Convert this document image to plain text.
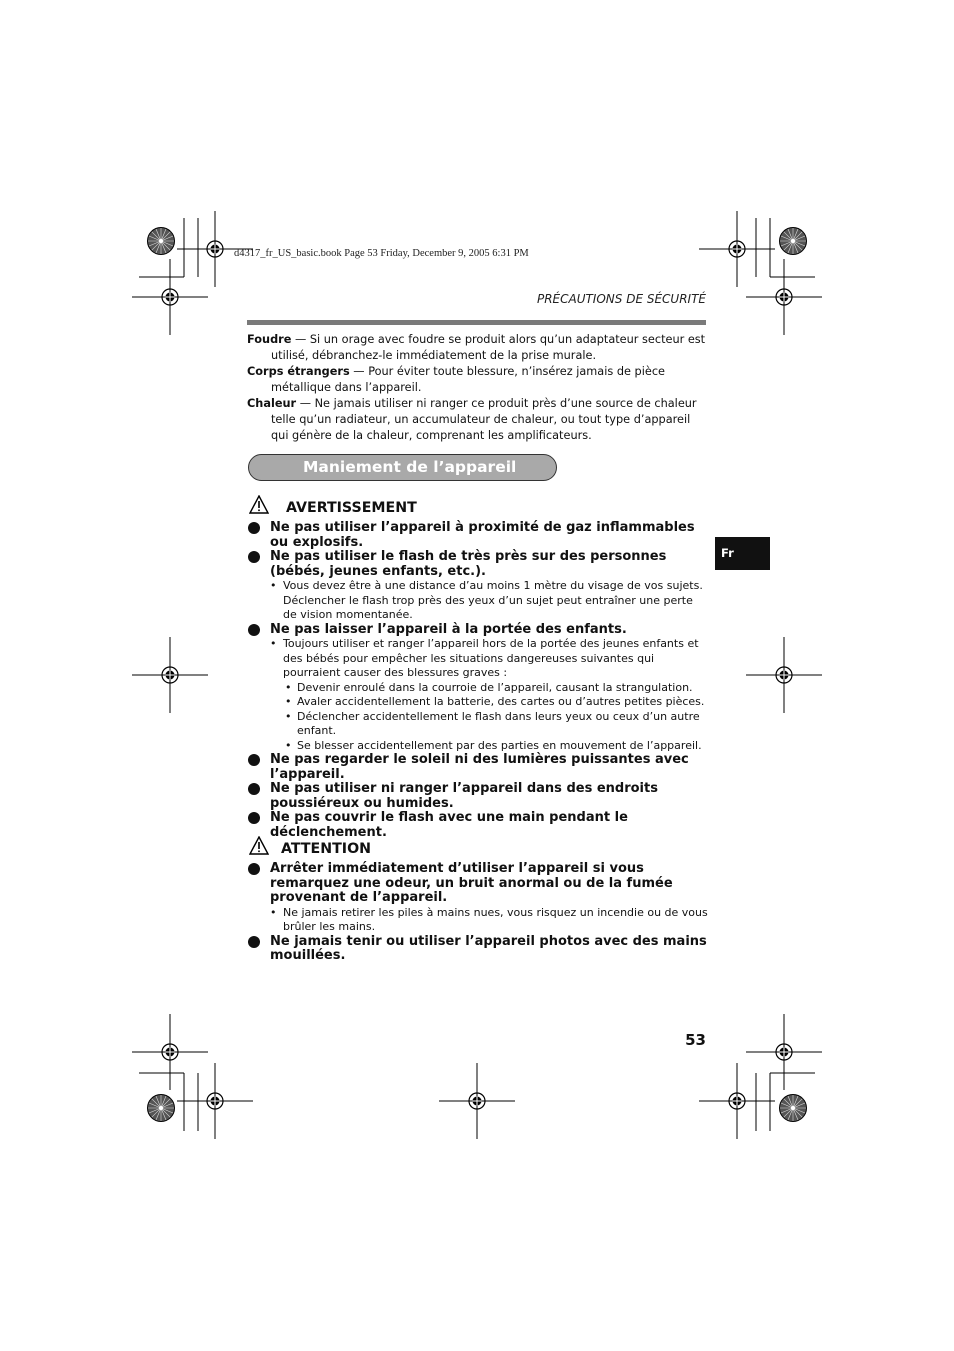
d4317_fr_US_basic.book Page 53 Friday, December 9, 2005 6:31 PM
PRÉCAUTIONS DE SÉCURITÉ

Foudre — Si un orage avec foudre se produit alors qu’un adaptateur secteur est utilisé, débranchez-le immédiatement de la prise murale.

Corps étrangers — Pour éviter toute blessure, n’insérez jamais de pièce métallique dans l’appareil.

Chaleur — Ne jamais utiliser ni ranger ce produit près d’une source de chaleur telle qu’un radiateur, un accumulateur de chaleur, ou tout type d’appareil qui génère de la chaleur, comprenant les amplificateurs.

Maniement de l’appareil
AVERTISSEMENT
Ne pas utiliser l’appareil à proximité de gaz inflammables ou explosifs.
Ne pas utiliser le flash de très près sur des personnes (bébés, jeunes enfants, etc.).
• Vous devez être à une distance d’au moins 1 mètre du visage de vos sujets. Déclencher le flash trop près des yeux d’un sujet peut entraîner une perte de vision momentanée.
Ne pas laisser l’appareil à la portée des enfants.
• Toujours utiliser et ranger l’appareil hors de la portée des jeunes enfants et des bébés pour empêcher les situations dangereuses suivantes qui pourraient causer des blessures graves :
• Devenir enroulé dans la courroie de l’appareil, causant la strangulation.
• Avaler accidentellement la batterie, des cartes ou d’autres petites pièces.
• Déclencher accidentellement le flash dans leurs yeux ou ceux d’un autre enfant.
• Se blesser accidentellement par des parties en mouvement de l’appareil.
Ne pas regarder le soleil ni des lumières puissantes avec l’appareil.
Ne pas utiliser ni ranger l’appareil dans des endroits poussiéreux ou humides.
Ne pas couvrir le flash avec une main pendant le déclenchement.
ATTENTION
Arrêter immédiatement d’utiliser l’appareil si vous remarquez une odeur, un bruit anormal ou de la fumée provenant de l’appareil.
• Ne jamais retirer les piles à mains nues, vous risquez un incendie ou de vous brûler les mains.
Ne jamais tenir ou utiliser l’appareil photos avec des mains mouillées.
Fr
53
